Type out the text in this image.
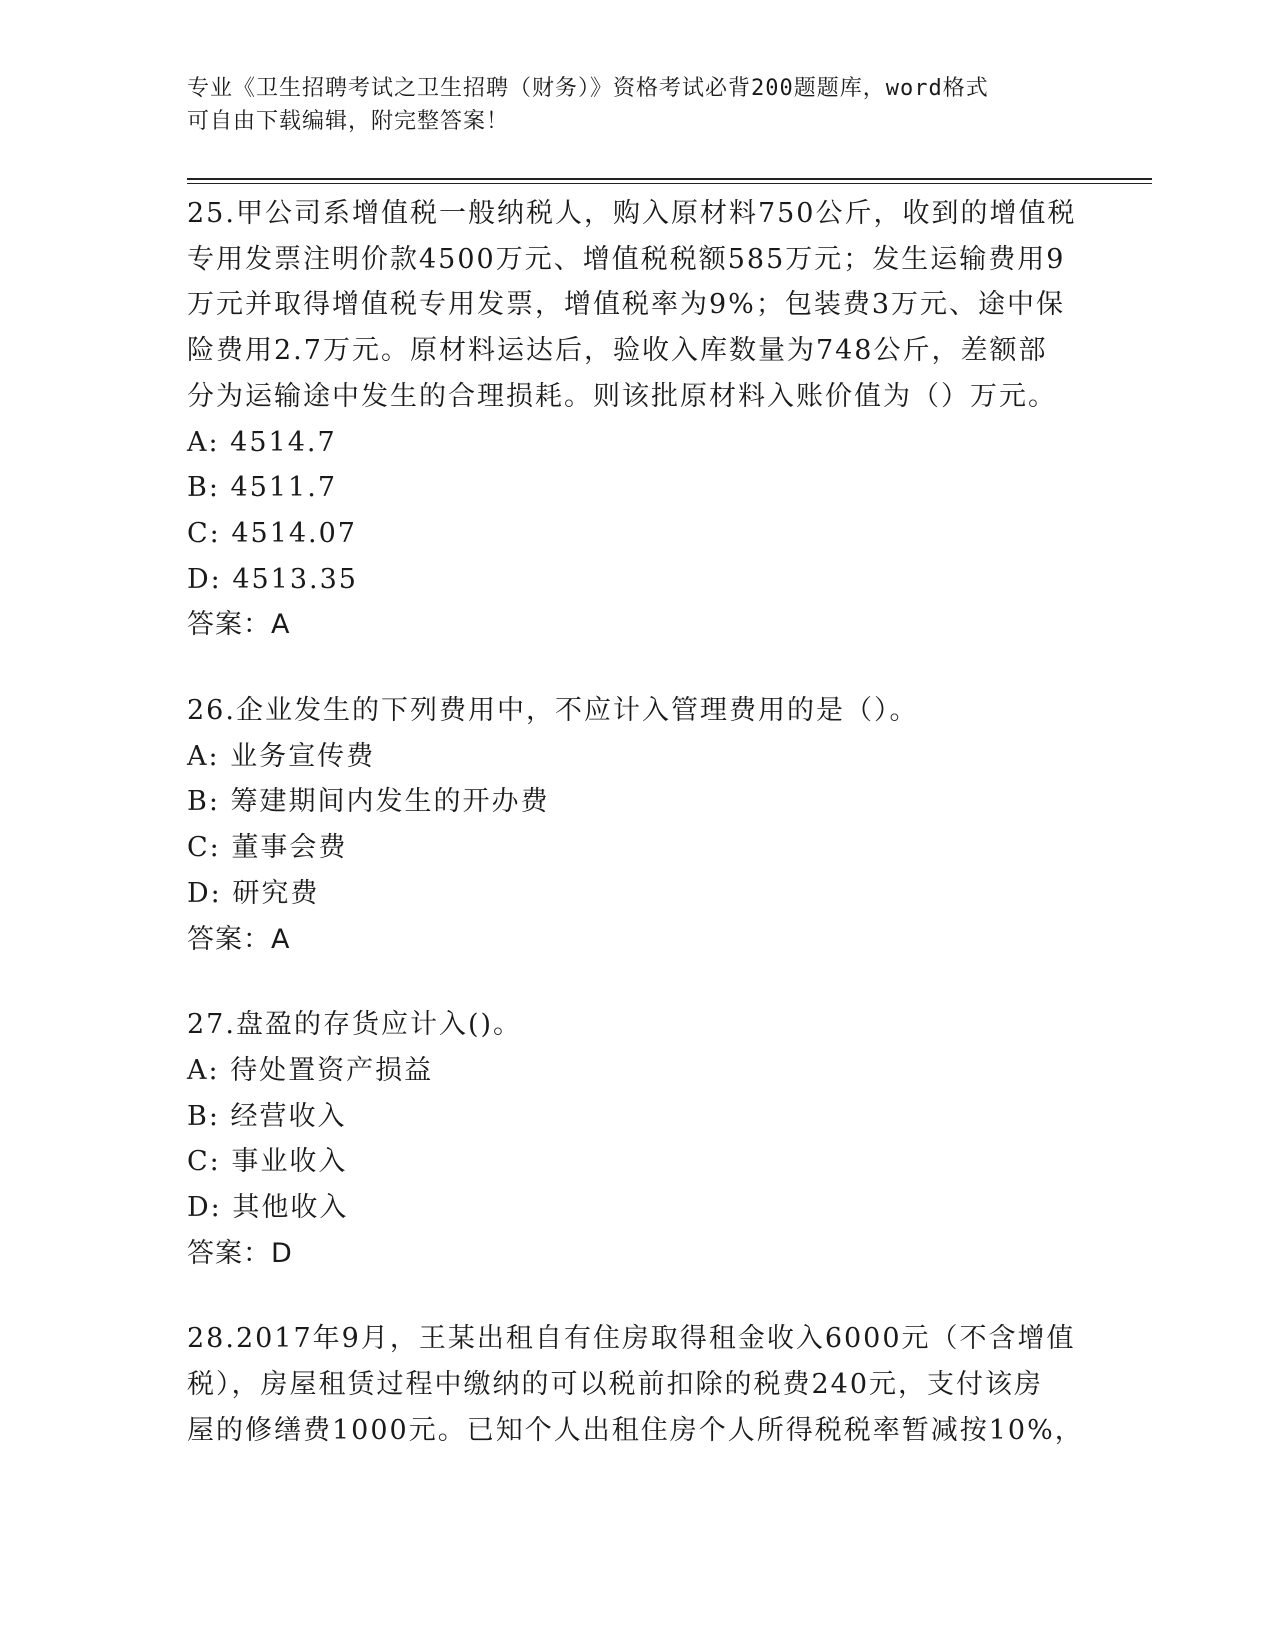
专业《卫生招聘考试之卫生招聘（财务）》资格考试必背200题题库，word格式
可自由下载编辑，附完整答案！
25.甲公司系增值税一般纳税人，购入原材料750公斤，收到的增值税
专用发票注明价款4500万元、增值税税额585万元；发生运输费用9
万元并取得增值税专用发票，增值税率为9%；包装费3万元、途中保
险费用2.7万元。原材料运达后，验收入库数量为748公斤，差额部
分为运输途中发生的合理损耗。则该批原材料入账价值为（）万元。
A: 4514.7
B: 4511.7
C: 4514.07
D: 4513.35
答案：A
26.企业发生的下列费用中，不应计入管理费用的是（）。
A: 业务宣传费
B: 筹建期间内发生的开办费
C: 董事会费
D: 研究费
答案：A
27.盘盈的存货应计入()。
A: 待处置资产损益
B: 经营收入
C: 事业收入
D: 其他收入
答案：D
28.2017年9月，王某出租自有住房取得租金收入6000元（不含增值
税），房屋租赁过程中缴纳的可以税前扣除的税费240元，支付该房
屋的修缮费1000元。已知个人出租住房个人所得税税率暂减按10%，
